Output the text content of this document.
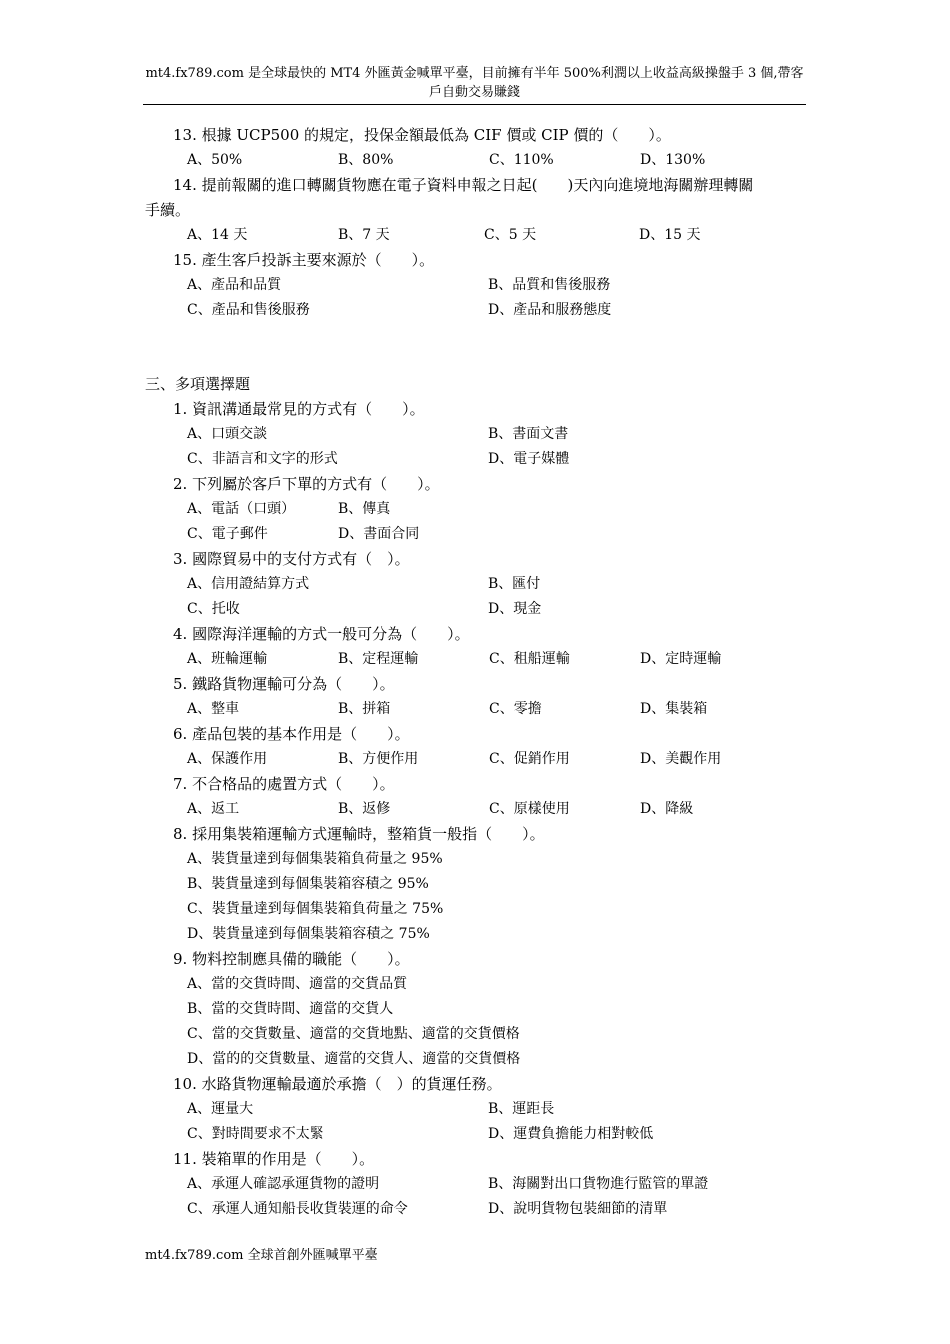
mt4.fx789.com 是全球最快的 MT4 外匯黃金喊單平臺，目前擁有半年 500%利潤以上收益高級操盤手 3 個,帶客戶自動交易賺錢
13. 根據 UCP500 的規定，投保金額最低為 CIF 價或 CIP 價的（　　）。
A、50%	B、80%	C、110%	D、130%
14. 提前報關的進口轉關貨物應在電子資料申報之日起(　　)天內向進境地海關辦理轉關
手續。
A、14 天	B、7 天	C、5 天	D、15 天
15. 產生客戶投訴主要來源於（　　）。
A、產品和品質	B、品質和售後服務
C、產品和售後服務	D、產品和服務態度
三、多項選擇題
1. 資訊溝通最常見的方式有（　　）。
A、口頭交談	B、書面文書
C、非語言和文字的形式	D、電子媒體
2. 下列屬於客戶下單的方式有（　　）。
A、電話（口頭）	B、傳真
C、電子郵件	D、書面合同
3. 國際貿易中的支付方式有（　）。
A、信用證結算方式	B、匯付
C、托收	D、現金
4. 國際海洋運輸的方式一般可分為（　　）。
A、班輪運輸	B、定程運輸	C、租船運輸	D、定時運輸
5. 鐵路貨物運輸可分為（　　）。
A、整車	B、拼箱	C、零擔	D、集裝箱
6. 產品包裝的基本作用是（　　）。
A、保護作用	B、方便作用	C、促銷作用	D、美觀作用
7. 不合格品的處置方式（　　）。
A、返工	B、返修	C、原樣使用	D、降級
8. 採用集裝箱運輸方式運輸時，整箱貨一般指（　　）。
A、裝貨量達到每個集裝箱負荷量之 95%
B、裝貨量達到每個集裝箱容積之 95%
C、裝貨量達到每個集裝箱負荷量之 75%
D、裝貨量達到每個集裝箱容積之 75%
9. 物料控制應具備的職能（　　）。
A、當的交貨時間、適當的交貨品質
B、當的交貨時間、適當的交貨人
C、當的交貨數量、適當的交貨地點、適當的交貨價格
D、當的的交貨數量、適當的交貨人、適當的交貨價格
10. 水路貨物運輸最適於承擔（　）的貨運任務。
A、運量大	B、運距長
C、對時間要求不太緊	D、運費負擔能力相對較低
11. 裝箱單的作用是（　　）。
A、承運人確認承運貨物的證明	B、海關對出口貨物進行監管的單證
C、承運人通知船長收貨裝運的命令	D、說明貨物包裝細節的清單
mt4.fx789.com 全球首創外匯喊單平臺
